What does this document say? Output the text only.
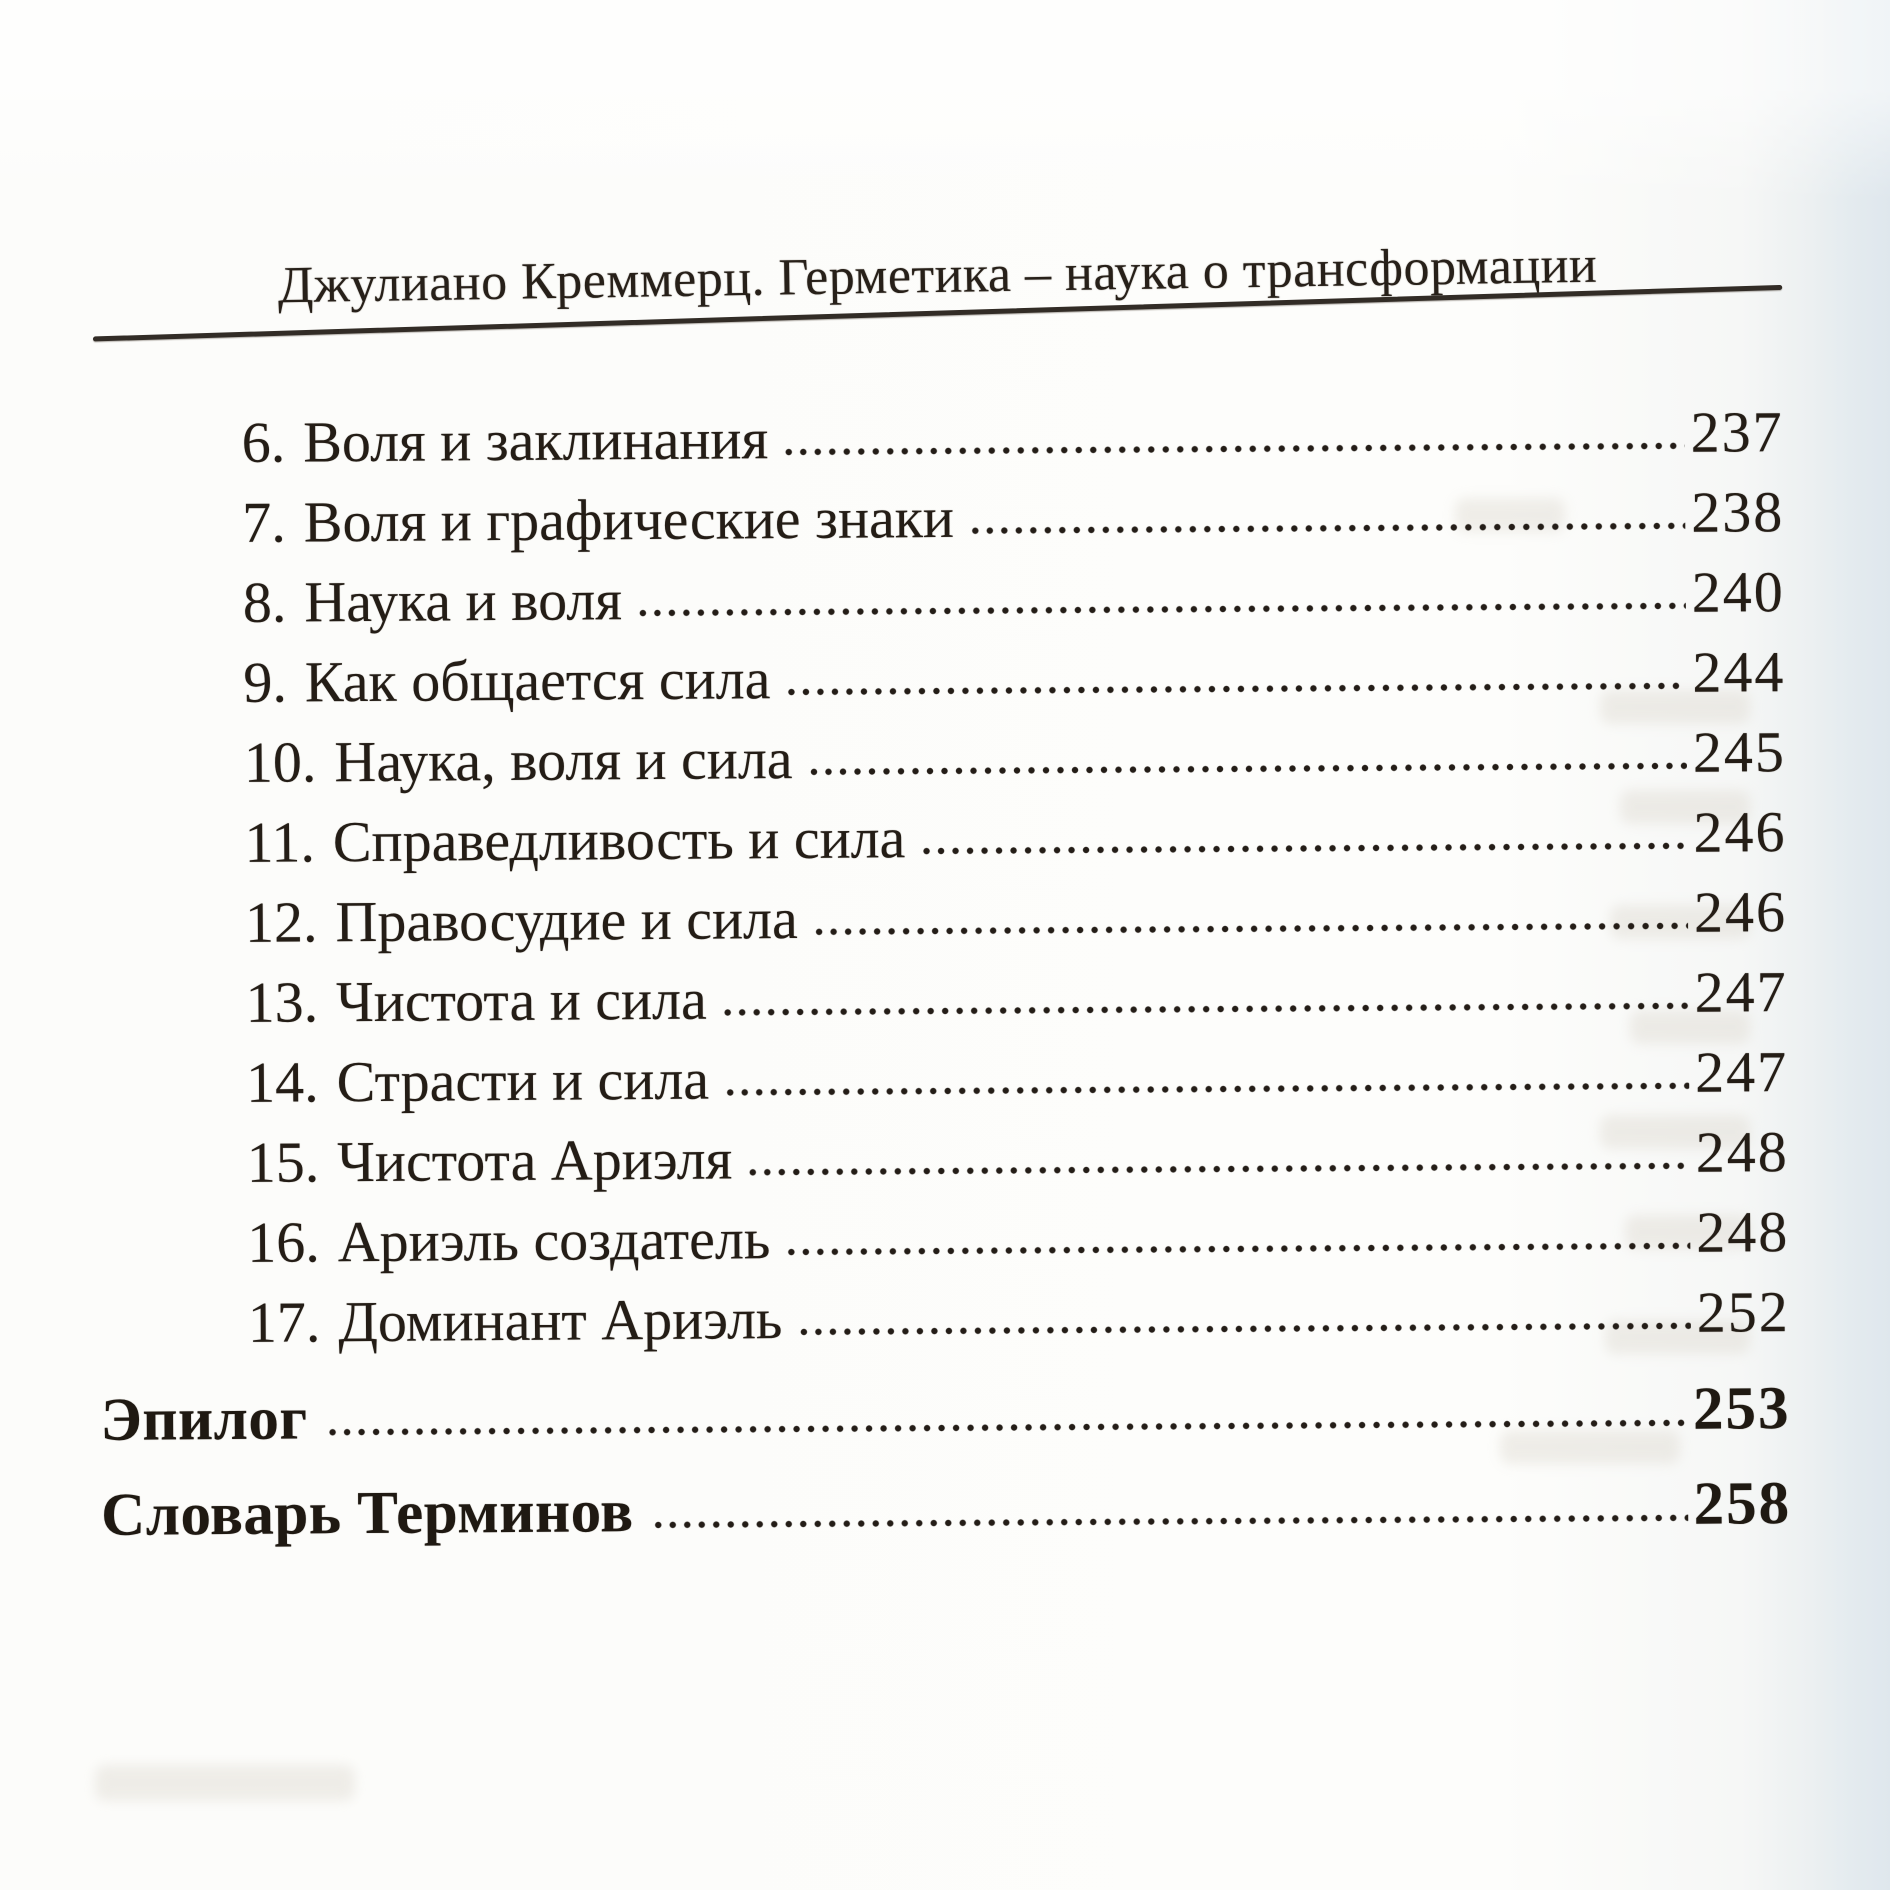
Джулиано Креммерц. Герметика – наука о трансформации
6. Воля и заклинания	237
7. Воля и графические знаки	238
8. Наука и воля	240
9. Как общается сила	244
10. Наука, воля и сила	245
11. Справедливость и сила	246
12. Правосудие и сила	246
13. Чистота и сила	247
14. Страсти и сила	247
15. Чистота Ариэля	248
16. Ариэль создатель	248
17. Доминант Ариэль	252
Эпилог	253
Словарь Терминов	258
